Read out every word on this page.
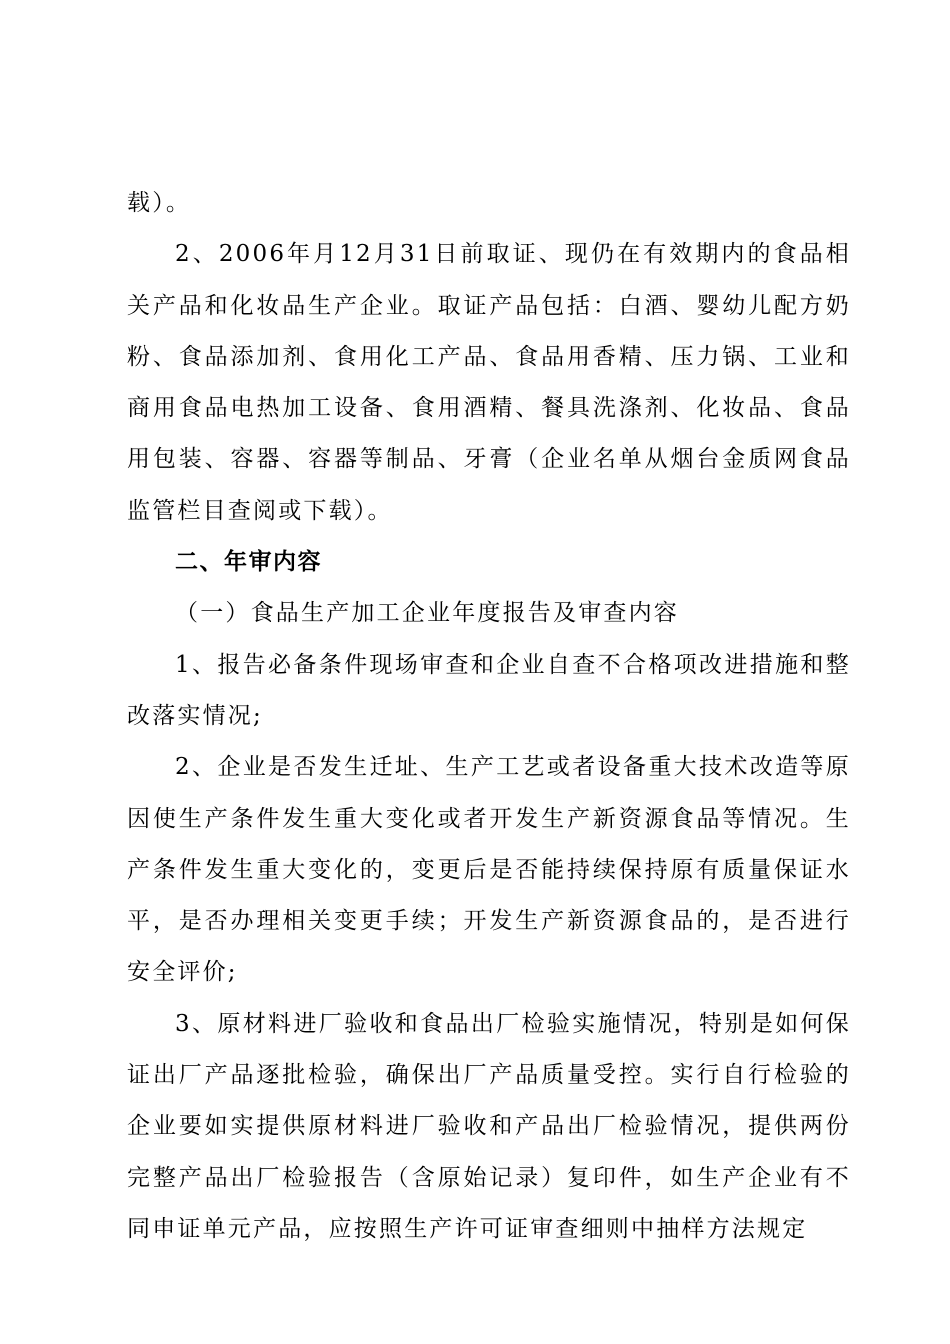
载）。

2、2006年月12月31日前取证、现仍在有效期内的食品相关产品和化妆品生产企业。取证产品包括：白酒、婴幼儿配方奶粉、食品添加剂、食用化工产品、食品用香精、压力锅、工业和商用食品电热加工设备、食用酒精、餐具洗涤剂、化妆品、食品用包装、容器、容器等制品、牙膏（企业名单从烟台金质网食品监管栏目查阅或下载）。

二、年审内容

（一）食品生产加工企业年度报告及审查内容

1、报告必备条件现场审查和企业自查不合格项改进措施和整改落实情况;

2、企业是否发生迁址、生产工艺或者设备重大技术改造等原因使生产条件发生重大变化或者开发生产新资源食品等情况。生产条件发生重大变化的，变更后是否能持续保持原有质量保证水平，是否办理相关变更手续；开发生产新资源食品的，是否进行安全评价;

3、原材料进厂验收和食品出厂检验实施情况，特别是如何保证出厂产品逐批检验，确保出厂产品质量受控。实行自行检验的企业要如实提供原材料进厂验收和产品出厂检验情况，提供两份完整产品出厂检验报告（含原始记录）复印件，如生产企业有不同申证单元产品，应按照生产许可证审查细则中抽样方法规定
